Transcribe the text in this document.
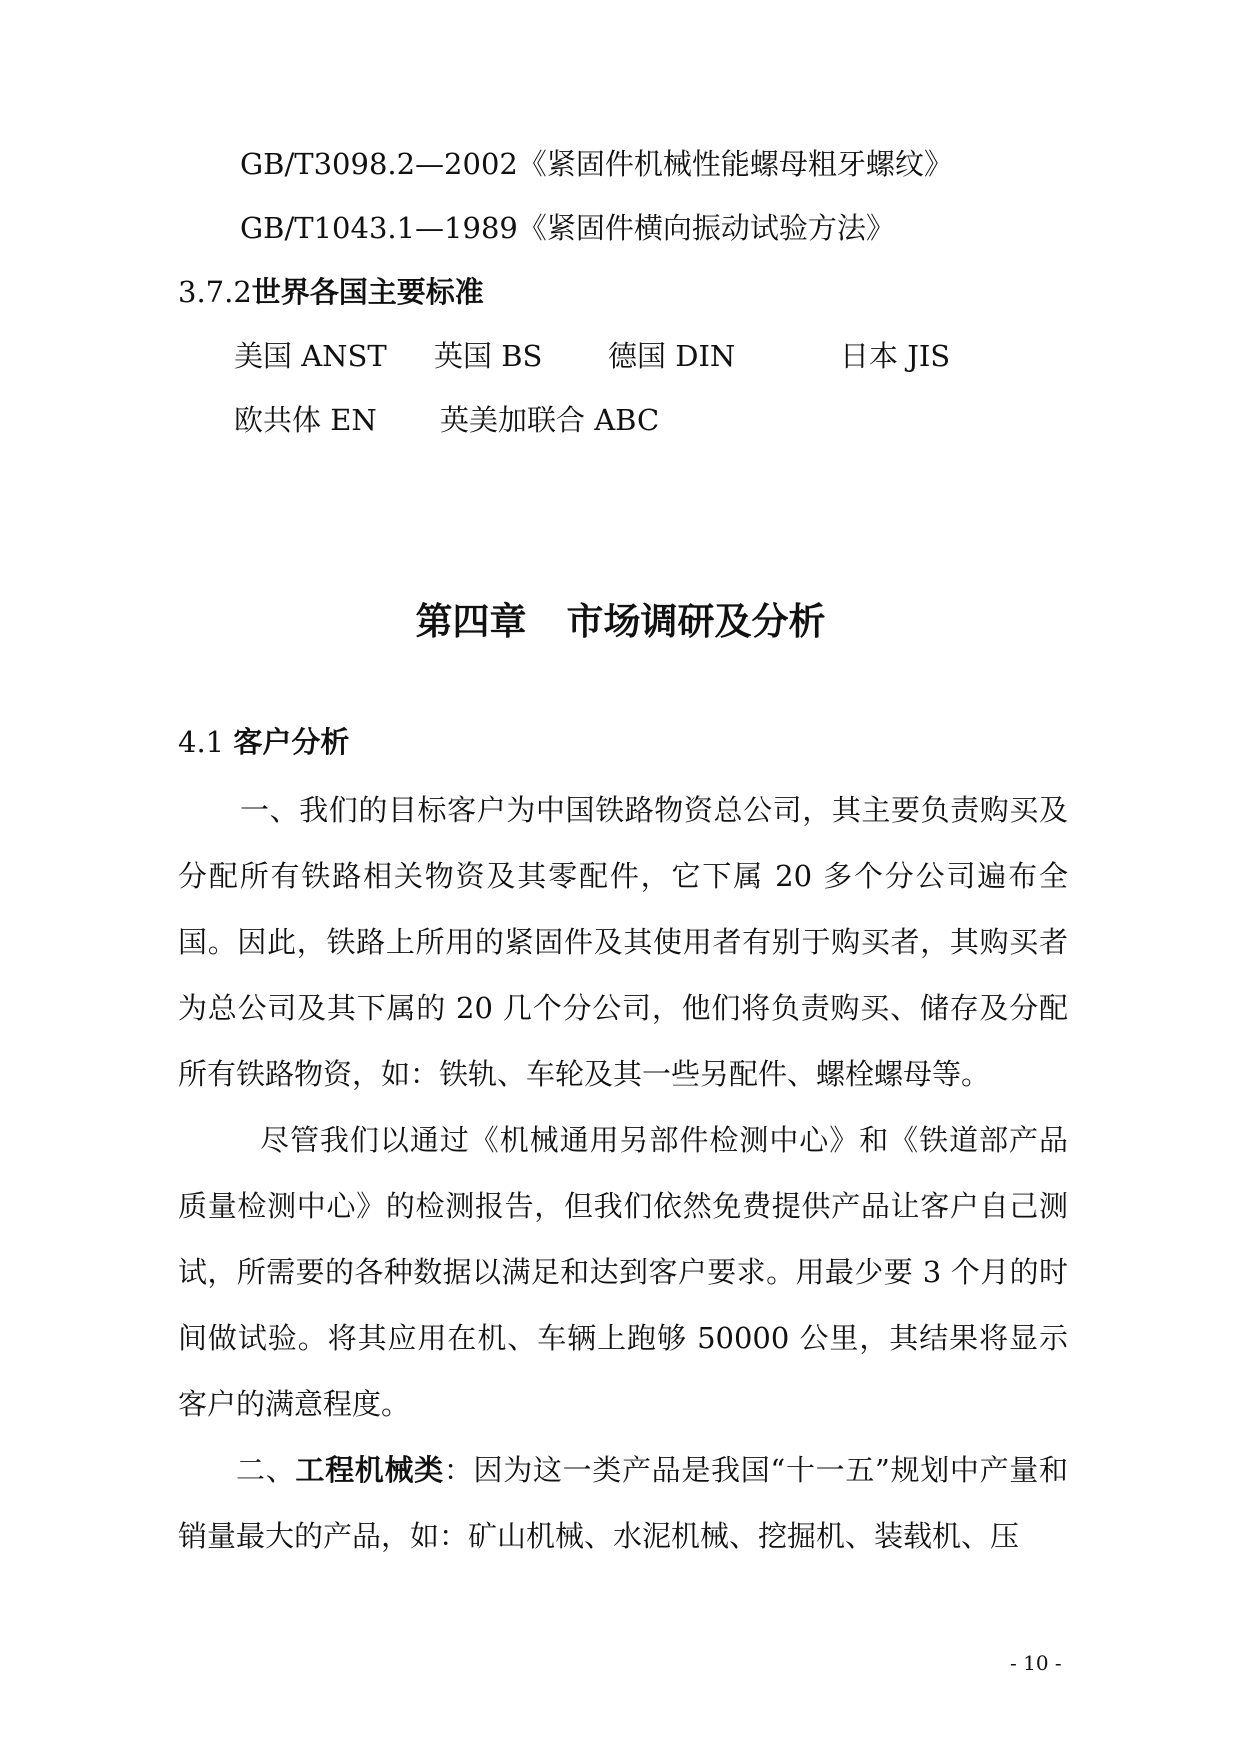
GB/T3098.2—2002《紧固件机械性能螺母粗牙螺纹》
GB/T1043.1—1989《紧固件横向振动试验方法》
3.7.2世界各国主要标准
美国 ANST 英国 BS 德国 DIN	日本 JIS
欧共体 EN 英美加联合 ABC
第四章 市场调研及分析
4.1 客户分析
一、我们的目标客户为中国铁路物资总公司，其主要负责购买及分配所有铁路相关物资及其零配件，它下属 20 多个分公司遍布全国。因此，铁路上所用的紧固件及其使用者有别于购买者，其购买者为总公司及其下属的 20 几个分公司，他们将负责购买、储存及分配所有铁路物资，如：铁轨、车轮及其一些另配件、螺栓螺母等。
尽管我们以通过《机械通用另部件检测中心》和《铁道部产品质量检测中心》的检测报告，但我们依然免费提供产品让客户自己测试，所需要的各种数据以满足和达到客户要求。用最少要 3 个月的时间做试验。将其应用在机、车辆上跑够 50000 公里，其结果将显示客户的满意程度。
二、工程机械类：因为这一类产品是我国“十一五”规划中产量和销量最大的产品，如：矿山机械、水泥机械、挖掘机、装载机、压
- 10 -
